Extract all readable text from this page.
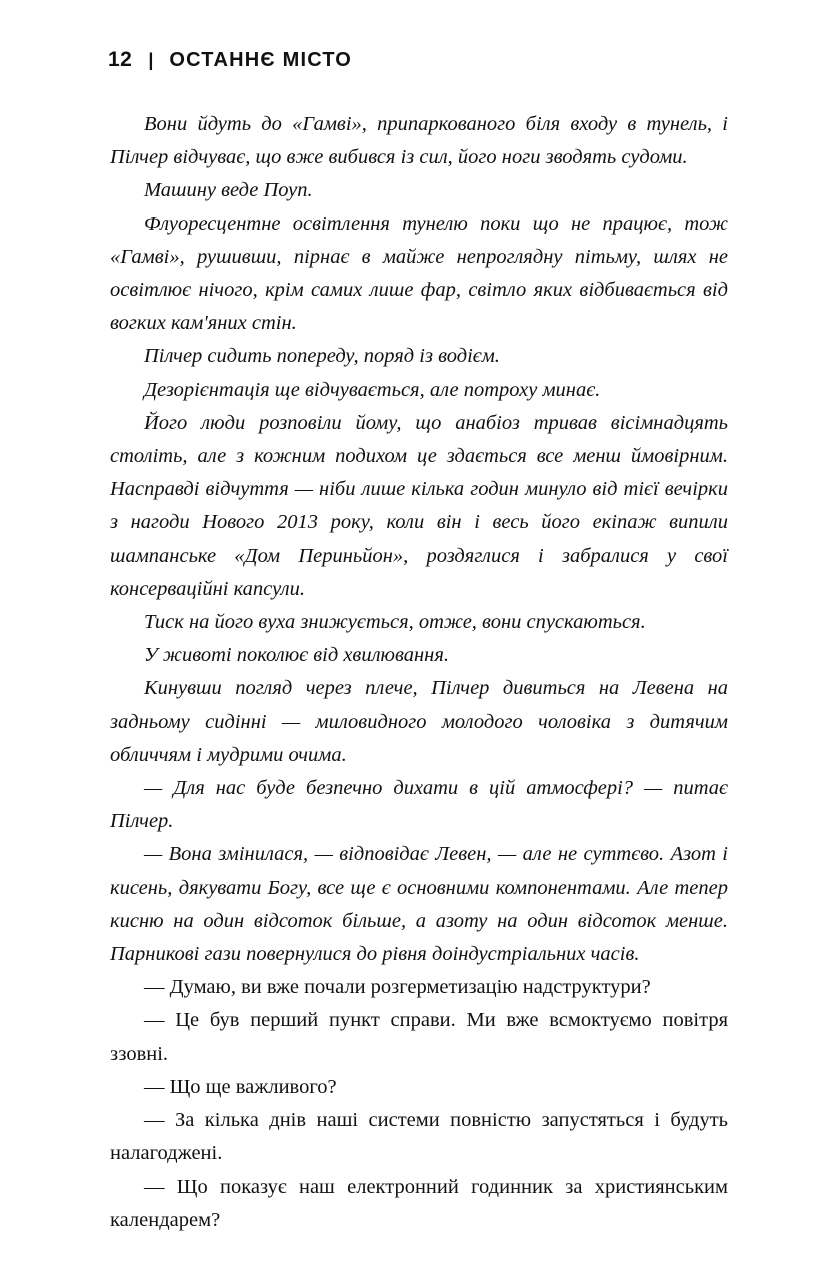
12 | ОСТАННЄ МІСТО

Вони йдуть до «Гамві», припаркованого біля входу в тунель, і Пілчер відчуває, що вже вибився із сил, його ноги зводять судоми.

Машину веде Поуп.

Флуоресцентне освітлення тунелю поки що не працює, тож «Гамві», рушивши, пірнає в майже непроглядну пітьму, шлях не освітлює нічого, крім самих лише фар, світло яких відбивається від вогких кам'яних стін.

Пілчер сидить попереду, поряд із водієм.

Дезорієнтація ще відчувається, але потроху минає.

Його люди розповіли йому, що анабіоз тривав вісімнадцять століть, але з кожним подихом це здається все менш ймовірним. Насправді відчуття — ніби лише кілька годин минуло від тієї вечірки з нагоди Нового 2013 року, коли він і весь його екіпаж випили шампанське «Дом Периньйон», роздяглися і забралися у свої консерваційні капсули.

Тиск на його вуха знижується, отже, вони спускаються.

У животі поколює від хвилювання.

Кинувши погляд через плече, Пілчер дивиться на Левена на задньому сидінні — миловидного молодого чоловіка з дитячим обличчям і мудрими очима.

— Для нас буде безпечно дихати в цій атмосфері? — питає Пілчер.

— Вона змінилася, — відповідає Левен, — але не суттєво. Азот і кисень, дякувати Богу, все ще є основними компонентами. Але тепер кисню на один відсоток більше, а азоту на один відсоток менше. Парникові гази повернулися до рівня доіндустріальних часів.

— Думаю, ви вже почали розгерметизацію надструктури?

— Це був перший пункт справи. Ми вже всмоктуємо повітря ззовні.

— Що ще важливого?

— За кілька днів наші системи повністю запустяться і будуть налагоджені.

— Що показує наш електронний годинник за християнським календарем?
